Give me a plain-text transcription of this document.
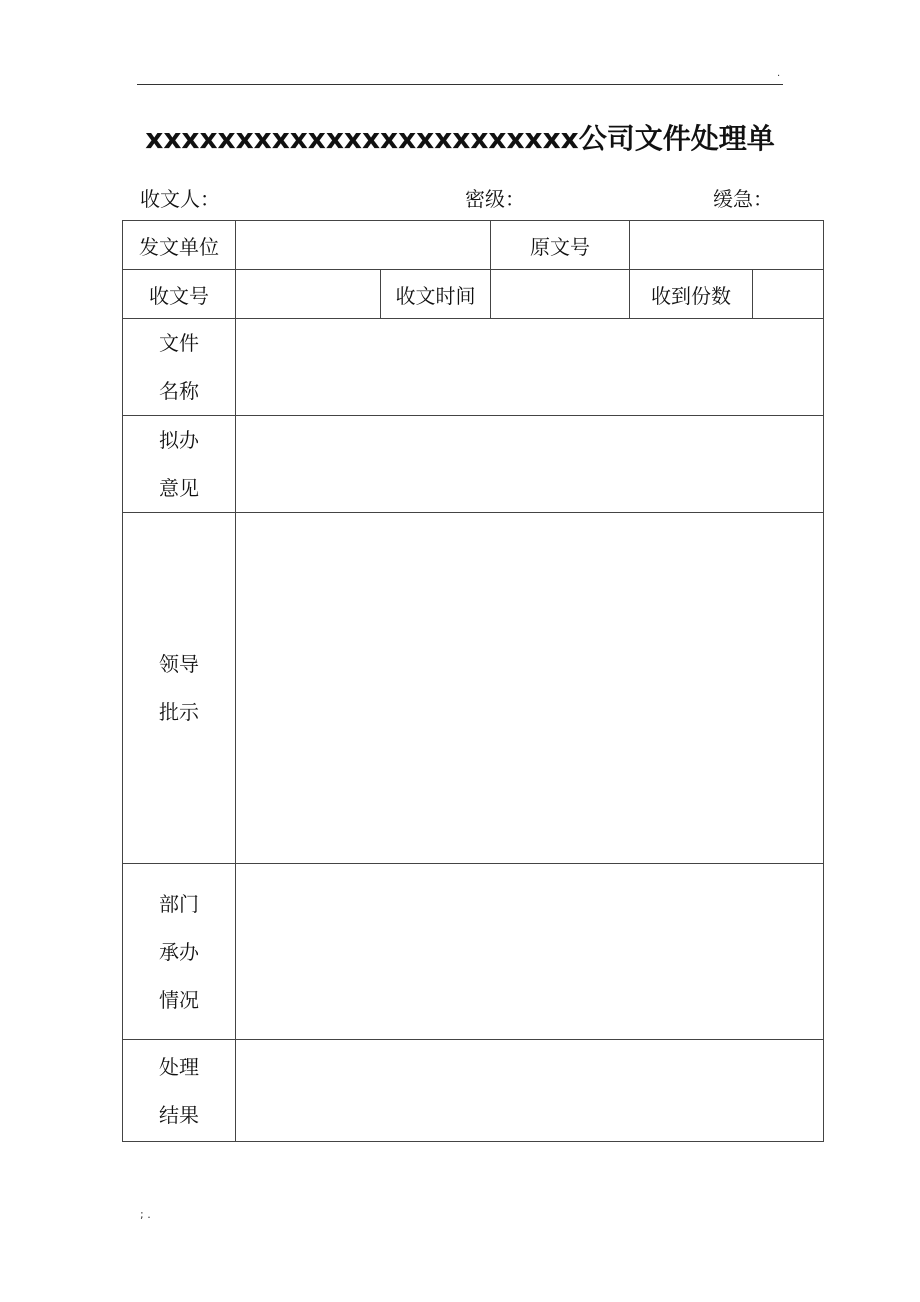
.
xxxxxxxxxxxxxxxxxxxxxxxx公司文件处理单
收文人：	密级：	缓急：
发文单位			原文号		
收文号		收文时间		收到份数	

文件
名称					

拟办
意见					

领导
批示					

部门
承办
情况					

处理
结果					

; .
